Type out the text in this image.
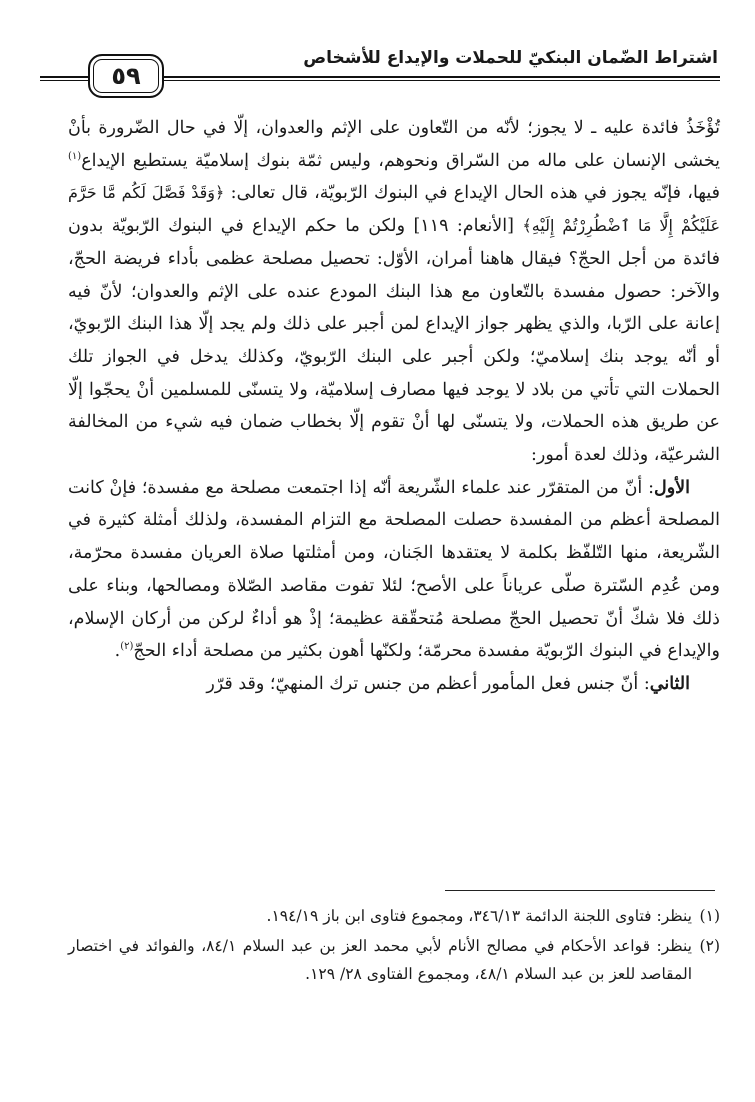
اشتراط الضّمان البنكيّ للحملات والإيداع للأشخاص
٥٩

تُؤْخَذُ فائدة عليه ـ لا يجوز؛ لأنّه من التّعاون على الإثم والعدوان، إلّا في حال الضّرورة بأنْ يخشى الإنسان على ماله من السّراق ونحوهم، وليس ثمّة بنوك إسلاميّة يستطيع الإيداع$^{(١)}$ فيها، فإنّه يجوز في هذه الحال الإيداع في البنوك الرّبويّة، قال تعالى: ﴿وَقَدْ فَصَّلَ لَكُم مَّا حَرَّمَ عَلَيْكُمْ إِلَّا مَا ٱضْطُرِرْتُمْ إِلَيْهِ﴾ [الأنعام: ١١٩] ولكن ما حكم الإيداع في البنوك الرّبويّة بدون فائدة من أجل الحجّ؟ فيقال هاهنا أمران، الأوّل: تحصيل مصلحة عظمى بأداء فريضة الحجّ، والآخر: حصول مفسدة بالتّعاون مع هذا البنك المودع عنده على الإثم والعدوان؛ لأنّ فيه إعانة على الرّبا، والذي يظهر جواز الإيداع لمن أجبر على ذلك ولم يجد إلّا هذا البنك الرّبويّ، أو أنّه يوجد بنك إسلاميّ؛ ولكن أجبر على البنك الرّبويّ، وكذلك يدخل في الجواز تلك الحملات التي تأتي من بلاد لا يوجد فيها مصارف إسلاميّة، ولا يتسنّى للمسلمين أنْ يحجّوا إلّا عن طريق هذه الحملات، ولا يتسنّى لها أنْ تقوم إلّا بخطاب ضمان فيه شيء من المخالفة الشرعيّة، وذلك لعدة أمور:

الأول: أنّ من المتقرّر عند علماء الشّريعة أنّه إذا اجتمعت مصلحة مع مفسدة؛ فإنْ كانت المصلحة أعظم من المفسدة حصلت المصلحة مع التزام المفسدة، ولذلك أمثلة كثيرة في الشّريعة، منها التّلفّظ بكلمة لا يعتقدها الجَنان، ومن أمثلتها صلاة العريان مفسدة محرّمة، ومن عُدِم السّترة صلّى عرياناً على الأصح؛ لئلا تفوت مقاصد الصّلاة ومصالحها، وبناء على ذلك فلا شكّ أنّ تحصيل الحجّ مصلحة مُتحقّقة عظيمة؛ إذْ هو أداءٌ لركن من أركان الإسلام، والإيداع في البنوك الرّبويّة مفسدة محرمّة؛ ولكنّها أهون بكثير من مصلحة أداء الحجّ$^{(٢)}$.

الثاني: أنّ جنس فعل المأمور أعظم من جنس ترك المنهيّ؛ وقد قرّر

(١)
ينظر: فتاوى اللجنة الدائمة ٣٤٦/١٣، ومجموع فتاوى ابن باز ١٩٤/١٩.

(٢)
ينظر: قواعد الأحكام في مصالح الأنام لأبي محمد العز بن عبد السلام ٨٤/١، والفوائد في اختصار المقاصد للعز بن عبد السلام ٤٨/١، ومجموع الفتاوى ٢٨/ ١٢٩.
